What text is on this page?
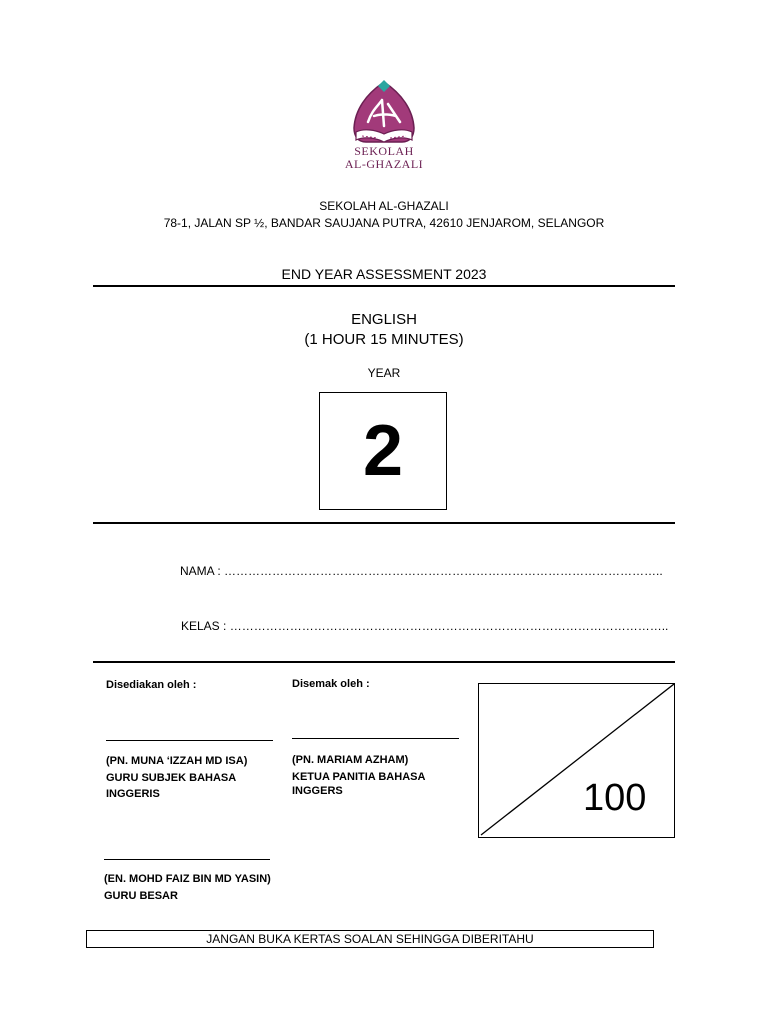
SEKOLAH
AL-GHAZALI
SEKOLAH AL-GHAZALI
78-1, JALAN SP ½, BANDAR SAUJANA PUTRA, 42610 JENJAROM, SELANGOR
END YEAR ASSESSMENT 2023
ENGLISH
(1 HOUR 15 MINUTES)
YEAR
2
NAMA : ………………………………………………………………………………………………..
KELAS : ………………………………………………………………………………………………..
Disediakan oleh :
(PN. MUNA ‘IZZAH MD ISA)
GURU SUBJEK BAHASA
INGGERIS
Disemak oleh :
(PN. MARIAM AZHAM)
KETUA PANITIA BAHASA
INGGERS	100
(EN. MOHD FAIZ BIN MD YASIN)
GURU BESAR
JANGAN BUKA KERTAS SOALAN SEHINGGA DIBERITAHU
